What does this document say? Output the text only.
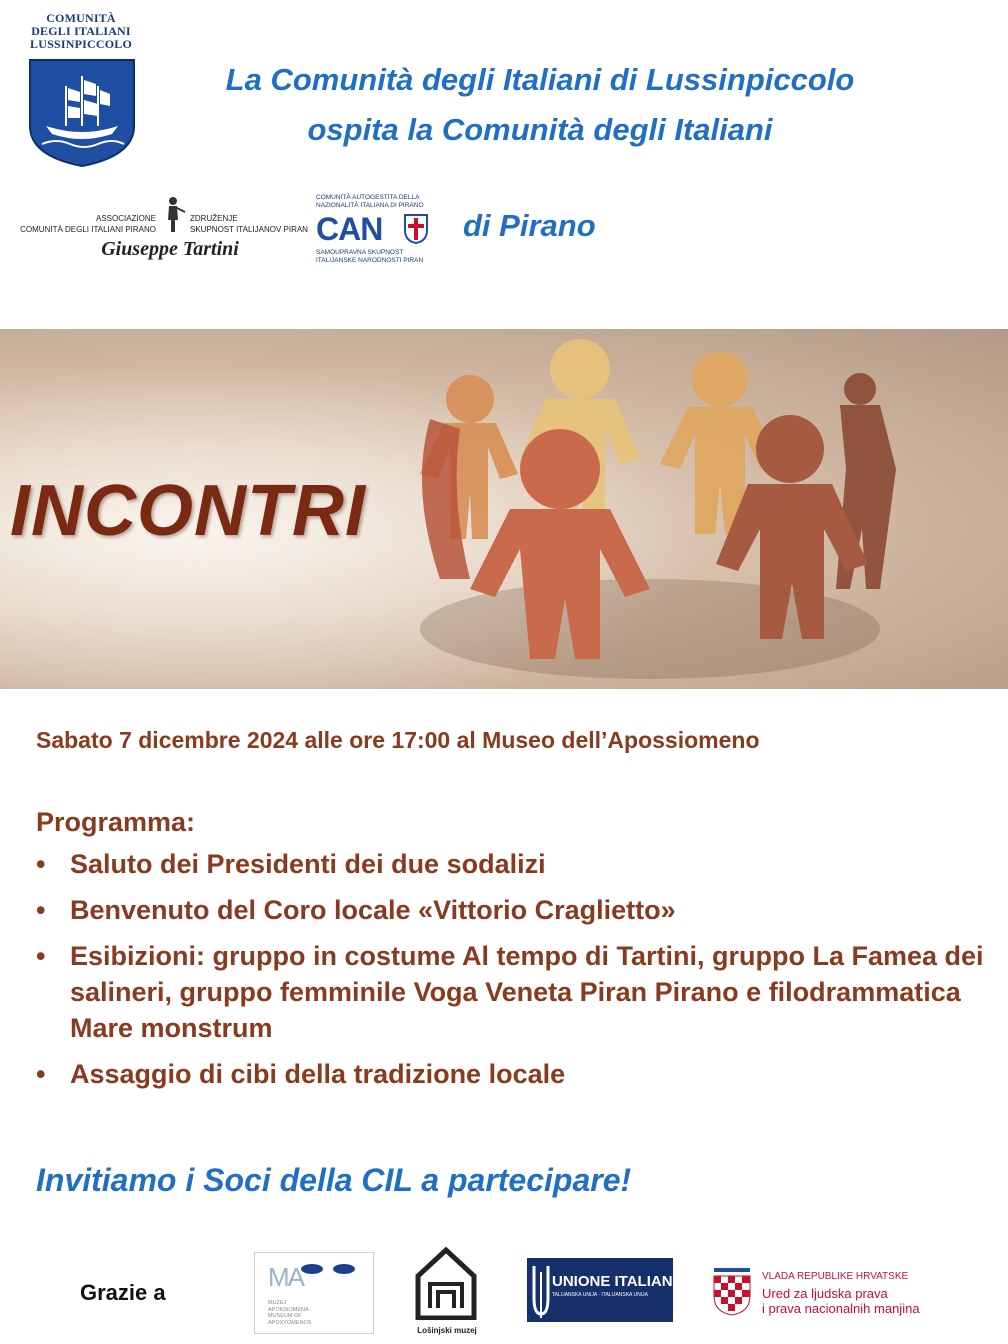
COMUNITÀ
DEGLI ITALIANI
LUSSINPICCOLO
La Comunità degli Italiani di Lussinpiccolo
ospita la Comunità degli Italiani
ASSOCIAZIONE
COMUNITÀ DEGLI ITALIANI PIRANO
ZDRUŽENJE
SKUPNOST ITALIJANOV PIRAN
Giuseppe Tartini
COMUNITÀ AUTOGESTITA DELLA
NAZIONALITÀ ITALIANA DI PIRANO
CAN
SAMOUPRAVNA SKUPNOST
ITALIJANSKE NARODNOSTI PIRAN
di Pirano
INCONTRI
Sabato 7 dicembre 2024 alle ore 17:00 al Museo dell’Apossiomeno
Programma:
• Saluto dei Presidenti dei due sodalizi
• Benvenuto del Coro locale «Vittorio Craglietto»
• Esibizioni: gruppo in costume Al tempo di Tartini, gruppo La Famea dei salineri, gruppo femminile Voga Veneta Piran Pirano e filodrammatica Mare monstrum
• Assaggio di cibi della tradizione locale
Invitiamo i Soci della CIL a partecipare!
Grazie a
MA
MUZEJ
APOKSIOMENA
MUSEUM OF
APOXYOMENOS
Lošinjski muzej
UNIONE ITALIANA
TALIJANSKA UNIJA · ITALIJANSKA UNIJA
VLADA REPUBLIKE HRVATSKE
Ured za ljudska prava
i prava nacionalnih manjina
